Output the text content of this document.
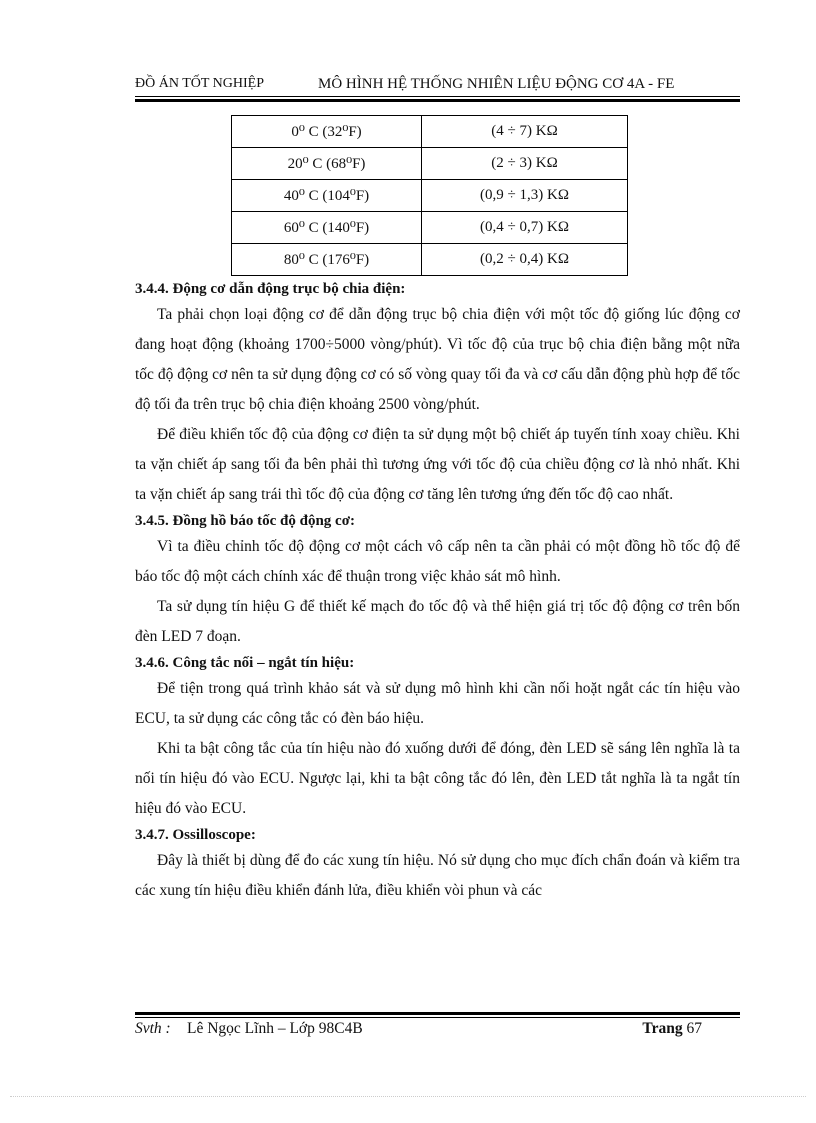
ĐỒ ÁN TỐT NGHIỆP	MÔ HÌNH HỆ THỐNG NHIÊN LIỆU ĐỘNG CƠ 4A - FE
0⁰ C (32⁰F)	(4 ÷ 7) KΩ
20⁰ C (68⁰F)	(2 ÷ 3) KΩ
40⁰ C (104⁰F)	(0,9 ÷ 1,3) KΩ
60⁰ C (140⁰F)	(0,4 ÷ 0,7) KΩ
80⁰ C (176⁰F)	(0,2 ÷ 0,4) KΩ
3.4.4. Động cơ dẫn động trục bộ chia điện:

Ta phải chọn loại động cơ để dẫn động trục bộ chia điện với một tốc độ giống lúc động cơ đang hoạt động (khoảng 1700÷5000 vòng/phút). Vì tốc độ của trục bộ chia điện bằng một nữa tốc độ động cơ nên ta sử dụng động cơ có số vòng quay tối đa và cơ cấu dẫn động phù hợp để tốc độ tối đa trên trục bộ chia điện khoảng 2500 vòng/phút.

Để điều khiển tốc độ của động cơ điện ta sử dụng một bộ chiết áp tuyến tính xoay chiều. Khi ta vặn chiết áp sang tối đa bên phải thì tương ứng với tốc độ của chiều động cơ là nhỏ nhất. Khi ta vặn chiết áp sang trái thì tốc độ của động cơ tăng lên tương ứng đến tốc độ cao nhất.

3.4.5. Đồng hồ báo tốc độ động cơ:

Vì ta điều chỉnh tốc độ động cơ một cách vô cấp nên ta cần phải có một đồng hồ tốc độ để báo tốc độ một cách chính xác để thuận trong việc khảo sát mô hình.

Ta sử dụng tín hiệu G để thiết kế mạch đo tốc độ và thể hiện giá trị tốc độ động cơ trên bốn đèn LED 7 đoạn.

3.4.6. Công tắc nối – ngắt tín hiệu:

Để tiện trong quá trình khảo sát và sử dụng mô hình khi cần nối hoặt ngắt các tín hiệu vào ECU, ta sử dụng các công tắc có đèn báo hiệu.

Khi ta bật công tắc của tín hiệu nào đó xuống dưới để đóng, đèn LED sẽ sáng lên nghĩa là ta nối tín hiệu đó vào ECU. Ngược lại, khi ta bật công tắc đó lên, đèn LED tắt nghĩa là ta ngắt tín hiệu đó vào ECU.

3.4.7. Ossilloscope:

Đây là thiết bị dùng để đo các xung tín hiệu. Nó sử dụng cho mục đích chẩn đoán và kiểm tra các xung tín hiệu điều khiển đánh lửa, điều khiển vòi phun và các

Svth : Lê Ngọc Lĩnh – Lớp 98C4B	Trang 67
